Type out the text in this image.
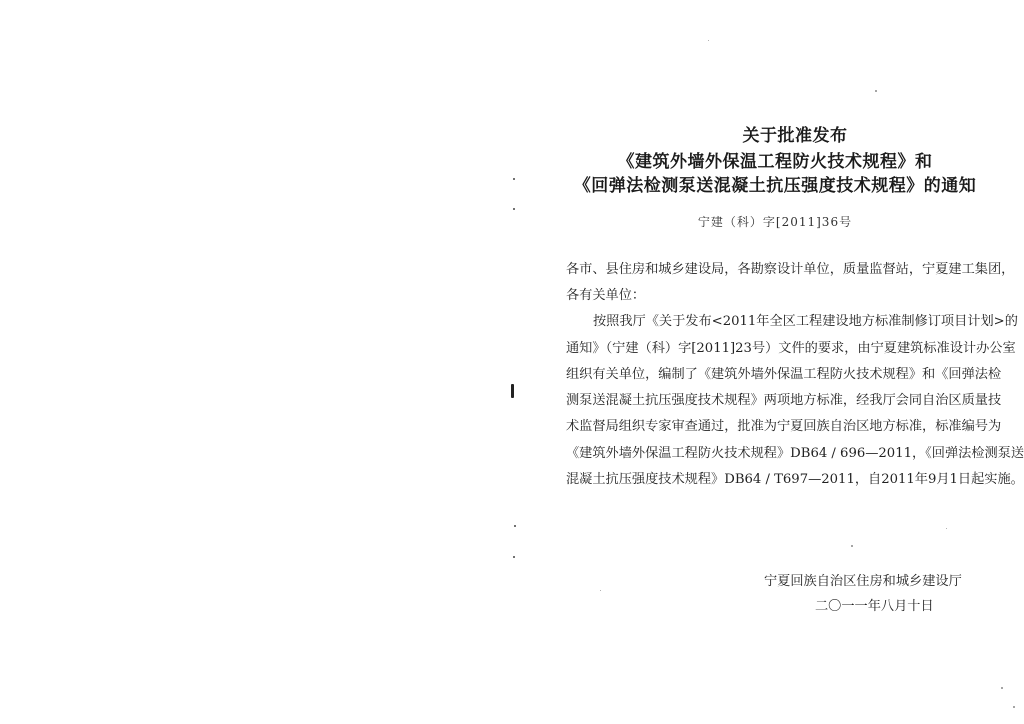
关于批准发布
《建筑外墙外保温工程防火技术规程》和
《回弹法检测泵送混凝土抗压强度技术规程》的通知
宁建（科）字[2011]36号
各市、县住房和城乡建设局，各勘察设计单位，质量监督站，宁夏建工集团，
各有关单位：
按照我厅《关于发布<2011年全区工程建设地方标准制修订项目计划>的
通知》（宁建（科）字[2011]23号）文件的要求，由宁夏建筑标准设计办公室
组织有关单位，编制了《建筑外墙外保温工程防火技术规程》和《回弹法检
测泵送混凝土抗压强度技术规程》两项地方标准，经我厅会同自治区质量技
术监督局组织专家审查通过，批准为宁夏回族自治区地方标准，标准编号为
《建筑外墙外保温工程防火技术规程》DB64 / 696—2011，《回弹法检测泵送
混凝土抗压强度技术规程》DB64 / T697—2011，自2011年9月1日起实施。
宁夏回族自治区住房和城乡建设厅
二〇一一年八月十日
